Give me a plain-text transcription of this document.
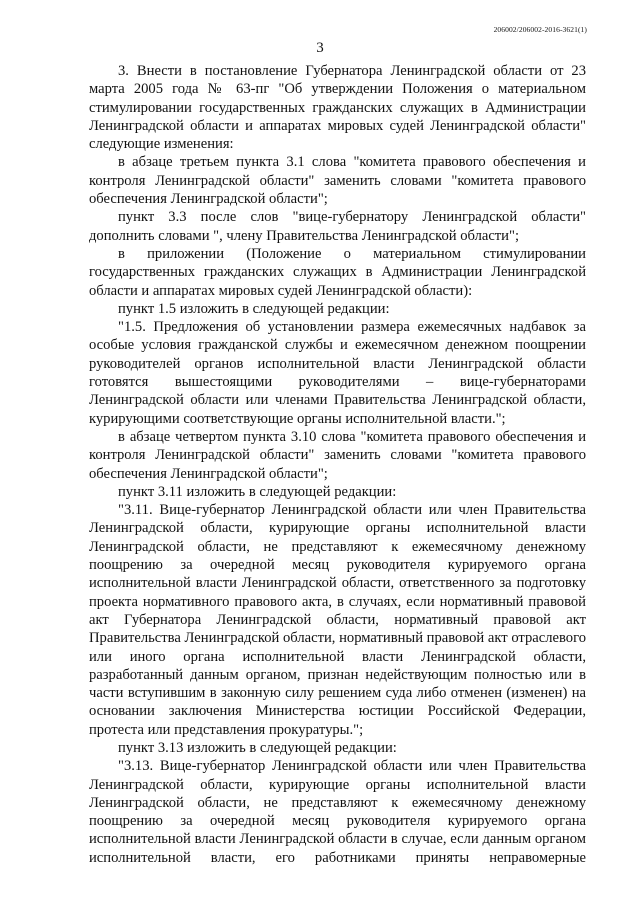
206002/206002-2016-3621(1)
3

3. Внести в постановление Губернатора Ленинградской области от 23 марта 2005 года № 63-пг "Об утверждении Положения о материальном стимулировании государственных гражданских служащих в Администрации Ленинградской области и аппаратах мировых судей Ленинградской области" следующие изменения:

в абзаце третьем пункта 3.1 слова "комитета правового обеспечения и контроля Ленинградской области" заменить словами "комитета правового обеспечения Ленинградской области";

пункт 3.3 после слов "вице-губернатору Ленинградской области" дополнить словами ", члену Правительства Ленинградской области";

в приложении (Положение о материальном стимулировании государственных гражданских служащих в Администрации Ленинградской области и аппаратах мировых судей Ленинградской области):

пункт 1.5 изложить в следующей редакции:

"1.5. Предложения об установлении размера ежемесячных надбавок за особые условия гражданской службы и ежемесячном денежном поощрении руководителей органов исполнительной власти Ленинградской области готовятся вышестоящими руководителями – вице-губернаторами Ленинградской области или членами Правительства Ленинградской области, курирующими соответствующие органы исполнительной власти.";

в абзаце четвертом пункта 3.10 слова "комитета правового обеспечения и контроля Ленинградской области" заменить словами "комитета правового обеспечения Ленинградской области";

пункт 3.11 изложить в следующей редакции:

"3.11. Вице-губернатор Ленинградской области или член Правительства Ленинградской области, курирующие органы исполнительной власти Ленинградской области, не представляют к ежемесячному денежному поощрению за очередной месяц руководителя курируемого органа исполнительной власти Ленинградской области, ответственного за подготовку проекта нормативного правового акта, в случаях, если нормативный правовой акт Губернатора Ленинградской области, нормативный правовой акт Правительства Ленинградской области, нормативный правовой акт отраслевого или иного органа исполнительной власти Ленинградской области, разработанный данным органом, признан недействующим полностью или в части вступившим в законную силу решением суда либо отменен (изменен) на основании заключения Министерства юстиции Российской Федерации, протеста или представления прокуратуры.";

пункт 3.13 изложить в следующей редакции:

"3.13. Вице-губернатор Ленинградской области или член Правительства Ленинградской области, курирующие органы исполнительной власти Ленинградской области, не представляют к ежемесячному денежному поощрению за очередной месяц руководителя курируемого органа исполнительной власти Ленинградской области в случае, если данным органом исполнительной власти, его работниками приняты неправомерные
